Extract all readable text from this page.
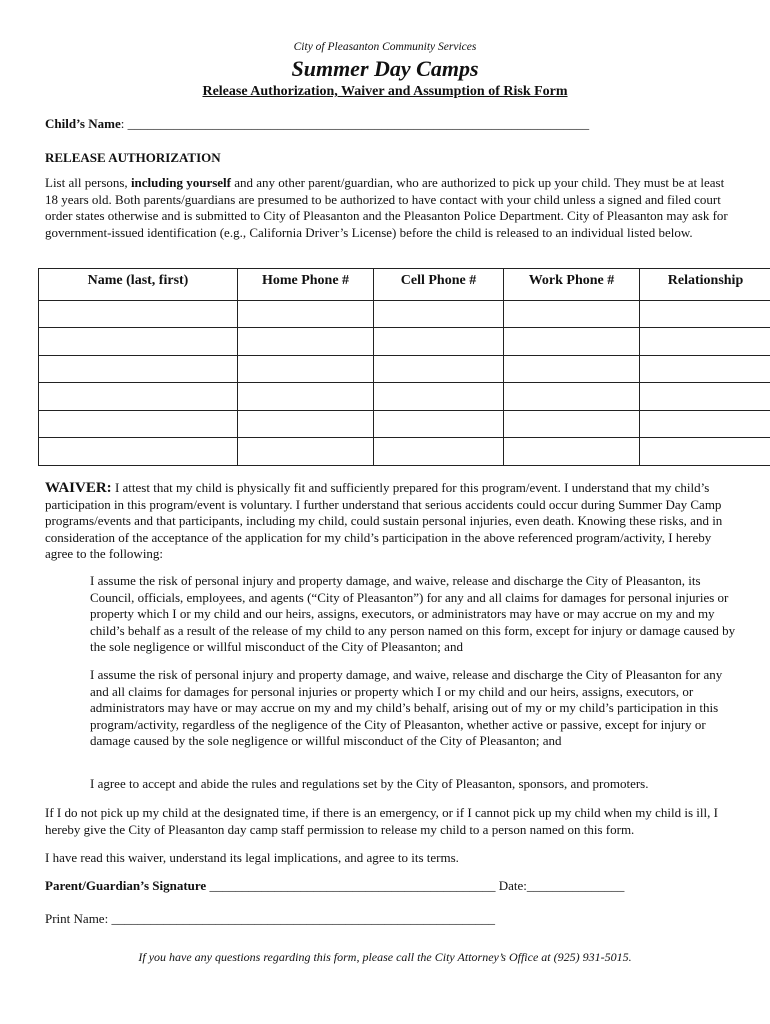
City of Pleasanton Community Services
Summer Day Camps
Release Authorization, Waiver and Assumption of Risk Form
Child’s Name: _______________________________________________________________________
RELEASE AUTHORIZATION
List all persons, including yourself and any other parent/guardian, who are authorized to pick up your child. They must be at least 18 years old. Both parents/guardians are presumed to be authorized to have contact with your child unless a signed and filed court order states otherwise and is submitted to City of Pleasanton and the Pleasanton Police Department. City of Pleasanton may ask for government-issued identification (e.g., California Driver’s License) before the child is released to an individual listed below.
Name (last, first)	Home Phone #	Cell Phone #	Work Phone #	Relationship

WAIVER: I attest that my child is physically fit and sufficiently prepared for this program/event. I understand that my child’s participation in this program/event is voluntary. I further understand that serious accidents could occur during Summer Day Camp programs/events and that participants, including my child, could sustain personal injuries, even death. Knowing these risks, and in consideration of the acceptance of the application for my child’s participation in the above referenced program/activity, I hereby agree to the following:
I assume the risk of personal injury and property damage, and waive, release and discharge the City of Pleasanton, its Council, officials, employees, and agents (“City of Pleasanton”) for any and all claims for damages for personal injuries or property which I or my child and our heirs, assigns, executors, or administrators may have or may accrue on my and my child’s behalf as a result of the release of my child to any person named on this form, except for injury or damage caused by the sole negligence or willful misconduct of the City of Pleasanton; and
I assume the risk of personal injury and property damage, and waive, release and discharge the City of Pleasanton for any and all claims for damages for personal injuries or property which I or my child and our heirs, assigns, executors, or administrators may have or may accrue on my and my child’s behalf, arising out of my or my child’s participation in this program/activity, regardless of the negligence of the City of Pleasanton, whether active or passive, except for injury or damage caused by the sole negligence or willful misconduct of the City of Pleasanton; and
I agree to accept and abide the rules and regulations set by the City of Pleasanton, sponsors, and promoters.
If I do not pick up my child at the designated time, if there is an emergency, or if I cannot pick up my child when my child is ill, I hereby give the City of Pleasanton day camp staff permission to release my child to a person named on this form.
I have read this waiver, understand its legal implications, and agree to its terms.
Parent/Guardian’s Signature ____________________________________________ Date:_______________
Print Name: ___________________________________________________________
If you have any questions regarding this form, please call the City Attorney’s Office at (925) 931-5015.
